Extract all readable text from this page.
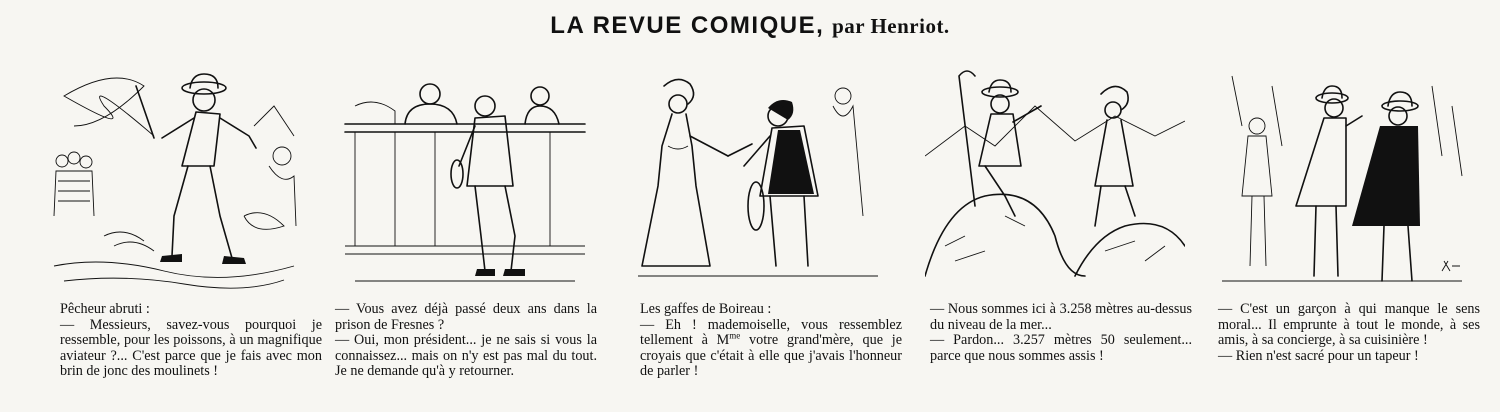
LA REVUE COMIQUE, par Henriot.

Pêcheur abruti :

— Messieurs, savez-vous pourquoi je ressemble, pour les poissons, à un magnifique aviateur ?... C'est parce que je fais avec mon brin de jonc des moulinets !

— Vous avez déjà passé deux ans dans la prison de Fresnes ?

— Oui, mon président... je ne sais si vous la connaissez... mais on n'y est pas mal du tout. Je ne demande qu'à y retourner.

Les gaffes de Boireau :

— Eh ! mademoiselle, vous ressemblez tellement à $M^{me}$ votre grand'mère, que je croyais que c'était à elle que j'avais l'honneur de parler !

— Nous sommes ici à 3.258 mètres au-dessus du niveau de la mer...

— Pardon... 3.257 mètres 50 seulement... parce que nous sommes assis !

— C'est un garçon à qui manque le sens moral... Il emprunte à tout le monde, à ses amis, à sa concierge, à sa cuisinière !

— Rien n'est sacré pour un tapeur !
